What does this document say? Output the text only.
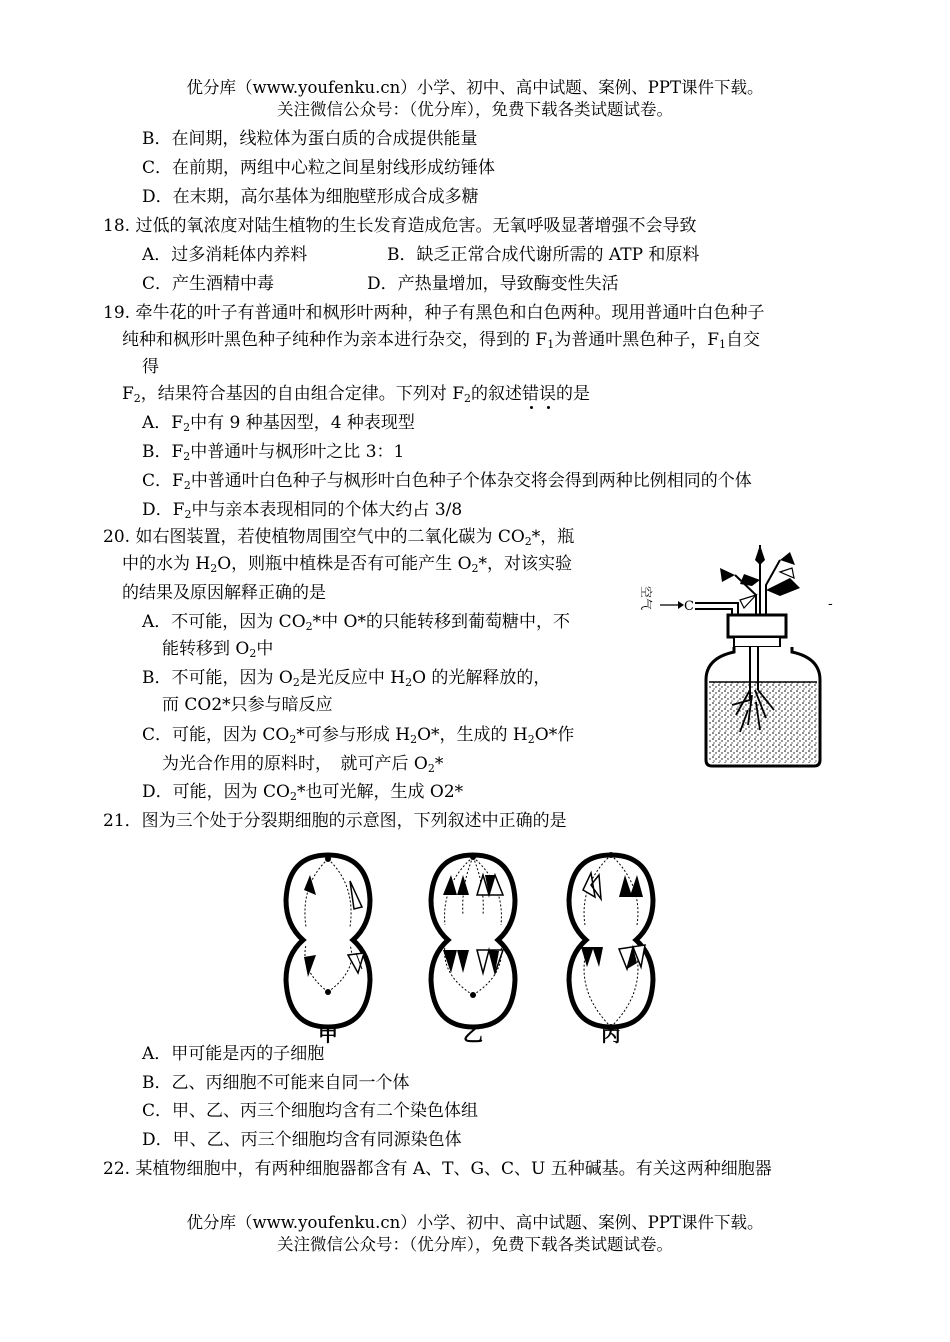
优分库（www.youfenku.cn）小学、初中、高中试题、案例、PPT课件下载。
关注微信公众号：（优分库），免费下载各类试题试卷。
B．在间期，线粒体为蛋白质的合成提供能量
C．在前期，两组中心粒之间星射线形成纺锤体
D．在末期，高尔基体为细胞壁形成合成多糖
18. 过低的氧浓度对陆生植物的生长发育造成危害。无氧呼吸显著增强不会导致
A．过多消耗体内养料	B．缺乏正常合成代谢所需的 ATP 和原料
C．产生酒精中毒	D．产热量增加，导致酶变性失活
19. 牵牛花的叶子有普通叶和枫形叶两种，种子有黑色和白色两种。现用普通叶白色种子
纯种和枫形叶黑色种子纯种作为亲本进行杂交，得到的 $F_1$为普通叶黑色种子，$F_1$自交
得
$F_2$，结果符合基因的自由组合定律。下列对 $F_2$的叙述错误的是
A．$F_2$中有 9 种基因型，4 种表现型
B．$F_2$中普通叶与枫形叶之比 3：1
C．$F_2$中普通叶白色种子与枫形叶白色种子个体杂交将会得到两种比例相同的个体
D．$F_2$中与亲本表现相同的个体大约占 3/8
20. 如右图装置，若使植物周围空气中的二氧化碳为 $CO_2*$，瓶
中的水为 $H_2O$，则瓶中植株是否有可能产生 $O_2*$，对该实验
的结果及原因解释正确的是
A．不可能，因为 $CO_2*$中 O*的只能转移到葡萄糖中，不
能转移到 $O_2$中
B．不可能，因为 $O_2$是光反应中 $H_2O$ 的光解释放的，
而 CO2*只参与暗反应
C．可能，因为 $CO_2*$可参与形成 $H_2O*$，生成的 $H_2O*$作
为光合作用的原料时，　就可产后 $O_2*$
D．可能，因为 $CO_2*$也可光解，生成 O2*
空气 C	-
21．图为三个处于分裂期细胞的示意图，下列叙述中正确的是
甲	乙	丙
A．甲可能是丙的子细胞
B．乙、丙细胞不可能来自同一个体
C．甲、乙、丙三个细胞均含有二个染色体组
D．甲、乙、丙三个细胞均含有同源染色体
22. 某植物细胞中，有两种细胞器都含有 A、T、G、C、U 五种碱基。有关这两种细胞器
优分库（www.youfenku.cn）小学、初中、高中试题、案例、PPT课件下载。
关注微信公众号：（优分库），免费下载各类试题试卷。
